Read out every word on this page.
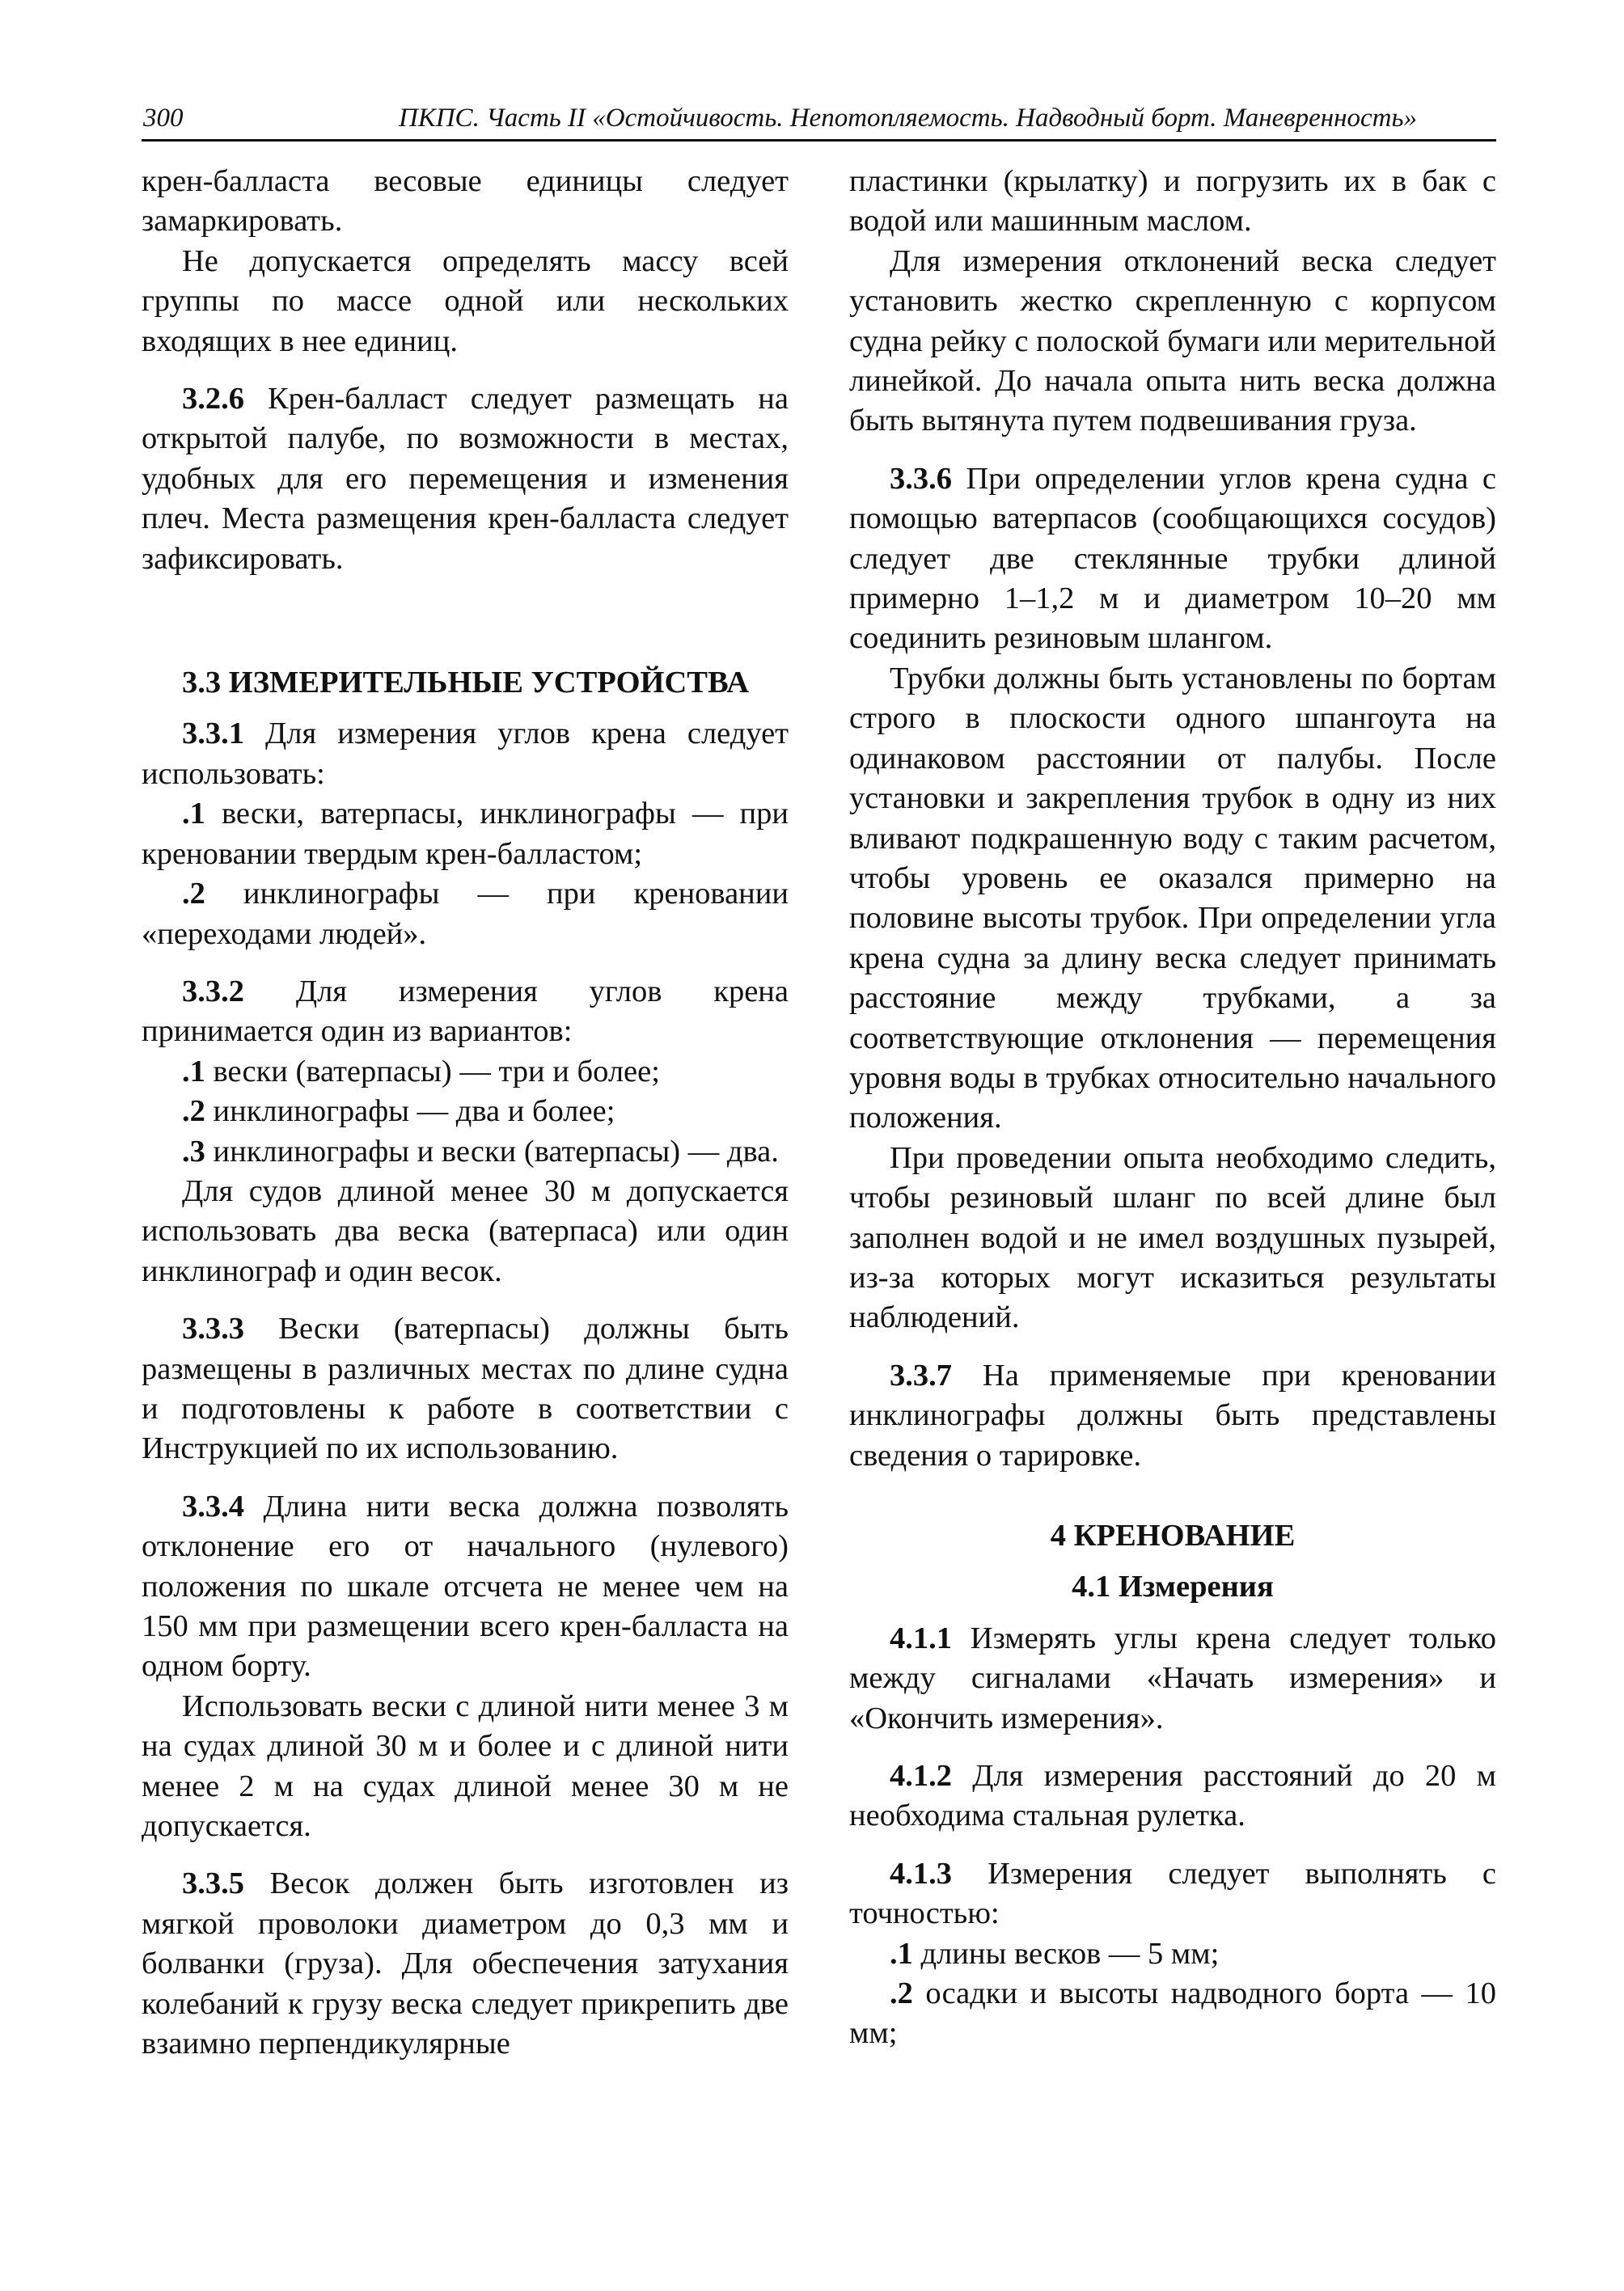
300	ПКПС. Часть II «Остойчивость. Непотопляемость. Надводный борт. Маневренность»

крен-балласта весовые единицы следует замаркировать.

Не допускается определять массу всей группы по массе одной или нескольких входящих в нее единиц.

3.2.6 Крен-балласт следует размещать на открытой палубе, по возможности в местах, удобных для его перемещения и изменения плеч. Места размещения крен-балласта следует зафиксировать.

3.3 ИЗМЕРИТЕЛЬНЫЕ УСТРОЙСТВА

3.3.1 Для измерения углов крена следует использовать:

.1 вески, ватерпасы, инклинографы — при креновании твердым крен-балластом;

.2 инклинографы — при креновании «переходами людей».

3.3.2 Для измерения углов крена принимается один из вариантов:

.1 вески (ватерпасы) — три и более;

.2 инклинографы — два и более;

.3 инклинографы и вески (ватерпасы) — два.

Для судов длиной менее 30 м допускается использовать два веска (ватерпаса) или один инклинограф и один весок.

3.3.3 Вески (ватерпасы) должны быть размещены в различных местах по длине судна и подготовлены к работе в соответствии с Инструкцией по их использованию.

3.3.4 Длина нити веска должна позволять отклонение его от начального (нулевого) положения по шкале отсчета не менее чем на 150 мм при размещении всего крен-балласта на одном борту.

Использовать вески с длиной нити менее 3 м на судах длиной 30 м и более и с длиной нити менее 2 м на судах длиной менее 30 м не допускается.

3.3.5 Весок должен быть изготовлен из мягкой проволоки диаметром до 0,3 мм и болванки (груза). Для обеспечения затухания колебаний к грузу веска следует прикрепить две взаимно перпендикулярные

пластинки (крылатку) и погрузить их в бак с водой или машинным маслом.

Для измерения отклонений веска следует установить жестко скрепленную с корпусом судна рейку с полоской бумаги или мерительной линейкой. До начала опыта нить веска должна быть вытянута путем подвешивания груза.

3.3.6 При определении углов крена судна с помощью ватерпасов (сообщающихся сосудов) следует две стеклянные трубки длиной примерно 1–1,2 м и диаметром 10–20 мм соединить резиновым шлангом.

Трубки должны быть установлены по бортам строго в плоскости одного шпангоута на одинаковом расстоянии от палубы. После установки и закрепления трубок в одну из них вливают подкрашенную воду с таким расчетом, чтобы уровень ее оказался примерно на половине высоты трубок. При определении угла крена судна за длину веска следует принимать расстояние между трубками, а за соответствующие отклонения — перемещения уровня воды в трубках относительно начального положения.

При проведении опыта необходимо следить, чтобы резиновый шланг по всей длине был заполнен водой и не имел воздушных пузырей, из-за которых могут исказиться результаты наблюдений.

3.3.7 На применяемые при креновании инклинографы должны быть представлены сведения о тарировке.

4 КРЕНОВАНИЕ
4.1 Измерения

4.1.1 Измерять углы крена следует только между сигналами «Начать измерения» и «Окончить измерения».

4.1.2 Для измерения расстояний до 20 м необходима стальная рулетка.

4.1.3 Измерения следует выполнять с точностью:

.1 длины весков — 5 мм;

.2 осадки и высоты надводного борта — 10 мм;
